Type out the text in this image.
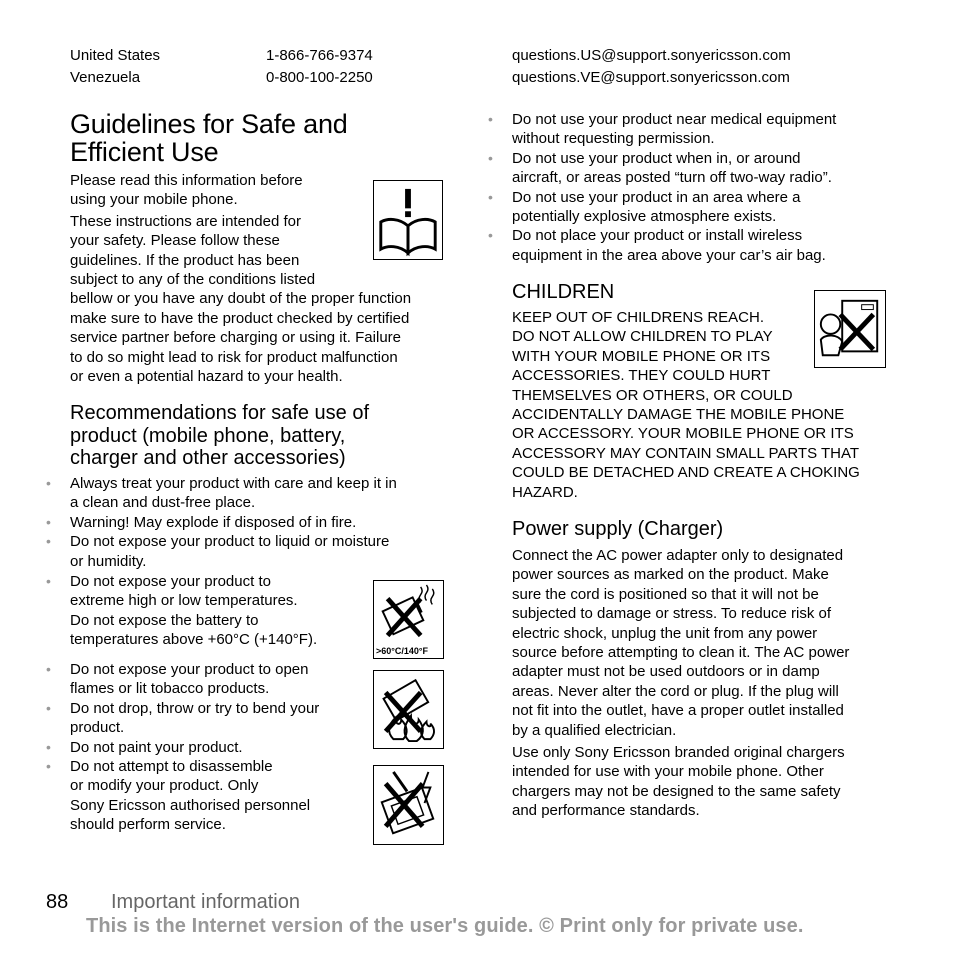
United States	1-866-766-9374	questions.US@support.sonyericsson.com
Venezuela	0-800-100-2250	questions.VE@support.sonyericsson.com
Guidelines for Safe and
Efficient Use
Please read this information before
using your mobile phone.
These instructions are intended for
your safety. Please follow these
guidelines. If the product has been
subject to any of the conditions listed
bellow or you have any doubt of the proper function
make sure to have the product checked by certified
service partner before charging or using it. Failure
to do so might lead to risk for product malfunction
or even a potential hazard to your health.
Recommendations for safe use of
product (mobile phone, battery,
charger and other accessories)
• Always treat your product with care and keep it in
a clean and dust-free place.
• Warning! May explode if disposed of in fire.
• Do not expose your product to liquid or moisture
or humidity.
• Do not expose your product to
extreme high or low temperatures.
Do not expose the battery to
temperatures above +60°C (+140°F).
>60°C/140°F
• Do not expose your product to open
flames or lit tobacco products.
• Do not drop, throw or try to bend your
product.
• Do not paint your product.
• Do not attempt to disassemble
or modify your product. Only
Sony Ericsson authorised personnel
should perform service.
• Do not use your product near medical equipment
without requesting permission.
• Do not use your product when in, or around
aircraft, or areas posted “turn off two-way radio”.
• Do not use your product in an area where a
potentially explosive atmosphere exists.
• Do not place your product or install wireless
equipment in the area above your car’s air bag.
CHILDREN
KEEP OUT OF CHILDRENS REACH.
DO NOT ALLOW CHILDREN TO PLAY
WITH YOUR MOBILE PHONE OR ITS
ACCESSORIES. THEY COULD HURT
THEMSELVES OR OTHERS, OR COULD
ACCIDENTALLY DAMAGE THE MOBILE PHONE
OR ACCESSORY. YOUR MOBILE PHONE OR ITS
ACCESSORY MAY CONTAIN SMALL PARTS THAT
COULD BE DETACHED AND CREATE A CHOKING
HAZARD.
Power supply (Charger)
Connect the AC power adapter only to designated
power sources as marked on the product. Make
sure the cord is positioned so that it will not be
subjected to damage or stress. To reduce risk of
electric shock, unplug the unit from any power
source before attempting to clean it. The AC power
adapter must not be used outdoors or in damp
areas. Never alter the cord or plug. If the plug will
not fit into the outlet, have a proper outlet installed
by a qualified electrician.
Use only Sony Ericsson branded original chargers
intended for use with your mobile phone. Other
chargers may not be designed to the same safety
and performance standards.
88 Important information
This is the Internet version of the user's guide. © Print only for private use.
